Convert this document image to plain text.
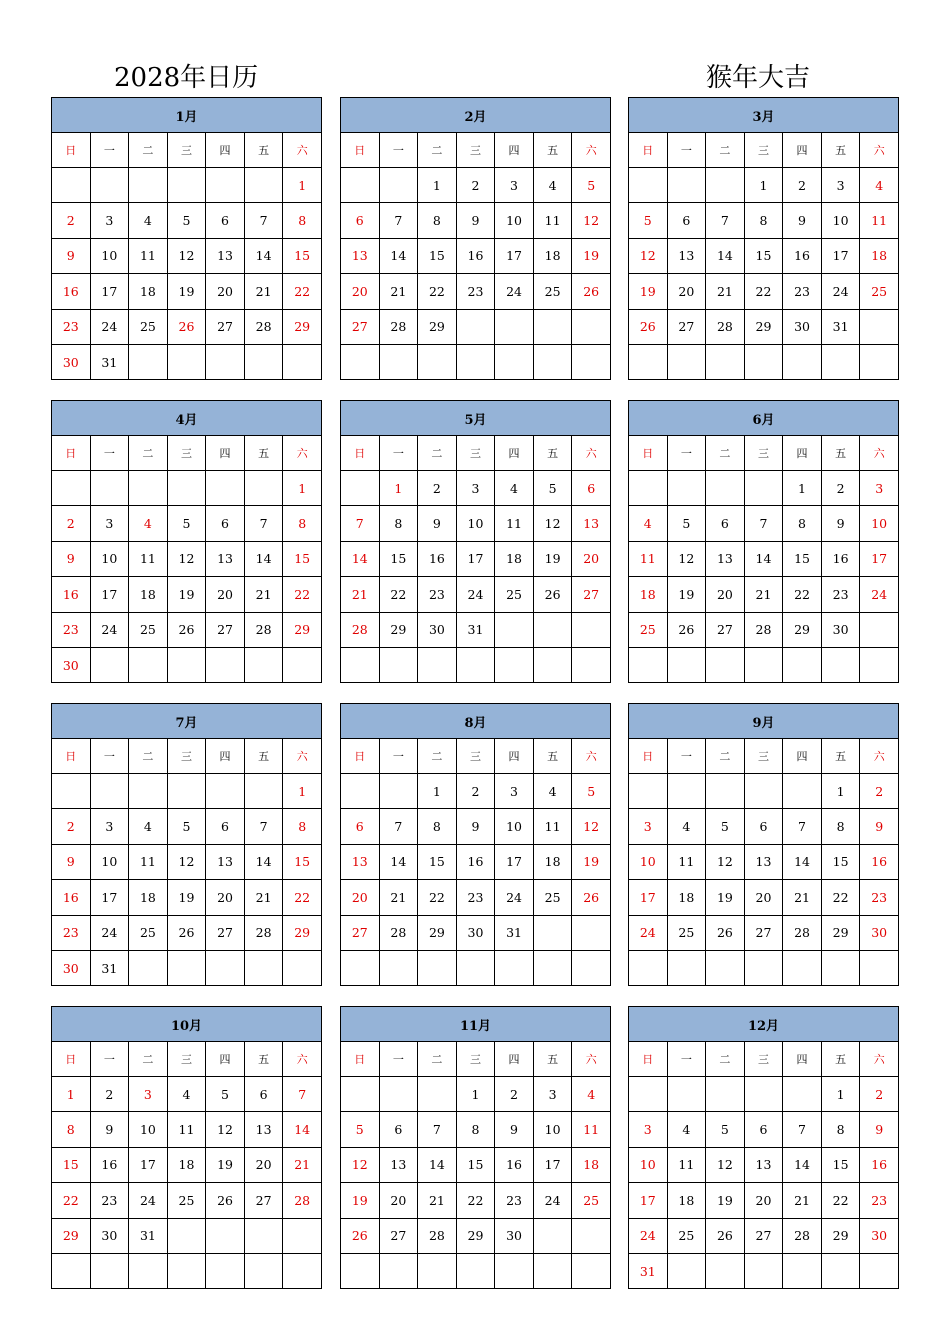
2028年日历	猴年大吉
1月						
日	一	二	三	四	五	六
						1
2	3	4	5	6	7	8
9	10	11	12	13	14	15
16	17	18	19	20	21	22
23	24	25	26	27	28	29
30	31					
2月						
日	一	二	三	四	五	六
		1	2	3	4	5
6	7	8	9	10	11	12
13	14	15	16	17	18	19
20	21	22	23	24	25	26
27	28	29				

3月						
日	一	二	三	四	五	六
			1	2	3	4
5	6	7	8	9	10	11
12	13	14	15	16	17	18
19	20	21	22	23	24	25
26	27	28	29	30	31	

4月						
日	一	二	三	四	五	六
						1
2	3	4	5	6	7	8
9	10	11	12	13	14	15
16	17	18	19	20	21	22
23	24	25	26	27	28	29
30						
5月						
日	一	二	三	四	五	六
	1	2	3	4	5	6
7	8	9	10	11	12	13
14	15	16	17	18	19	20
21	22	23	24	25	26	27
28	29	30	31			

6月						
日	一	二	三	四	五	六
				1	2	3
4	5	6	7	8	9	10
11	12	13	14	15	16	17
18	19	20	21	22	23	24
25	26	27	28	29	30	

7月						
日	一	二	三	四	五	六
						1
2	3	4	5	6	7	8
9	10	11	12	13	14	15
16	17	18	19	20	21	22
23	24	25	26	27	28	29
30	31					
8月						
日	一	二	三	四	五	六
		1	2	3	4	5
6	7	8	9	10	11	12
13	14	15	16	17	18	19
20	21	22	23	24	25	26
27	28	29	30	31		

9月						
日	一	二	三	四	五	六
					1	2
3	4	5	6	7	8	9
10	11	12	13	14	15	16
17	18	19	20	21	22	23
24	25	26	27	28	29	30

10月						
日	一	二	三	四	五	六
1	2	3	4	5	6	7
8	9	10	11	12	13	14
15	16	17	18	19	20	21
22	23	24	25	26	27	28
29	30	31				

11月						
日	一	二	三	四	五	六
			1	2	3	4
5	6	7	8	9	10	11
12	13	14	15	16	17	18
19	20	21	22	23	24	25
26	27	28	29	30		

12月						
日	一	二	三	四	五	六
					1	2
3	4	5	6	7	8	9
10	11	12	13	14	15	16
17	18	19	20	21	22	23
24	25	26	27	28	29	30
31						
